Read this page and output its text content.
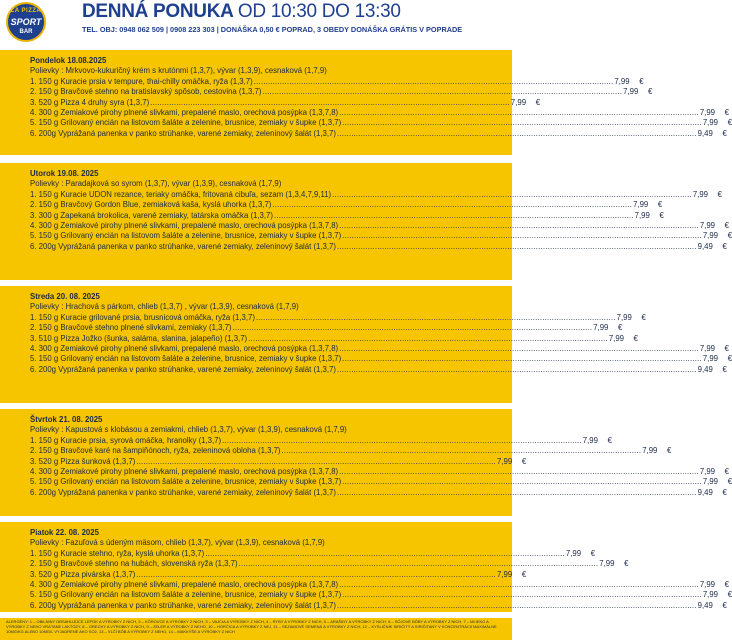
LA PIZZA
SPORT
BAR
DENNÁ PONUKA OD 10:30 DO 13:30
TEL. OBJ: 0948 062 509 | 0908 223 303 | DONÁŠKA 0,50 € POPRAD, 3 OBEDY DONÁŠKA GRÁTIS V POPRADE
Pondelok 18.08.2025
Polievky : Mrkvovo-kukuričný krém s krutónmi (1,3,7), vývar (1,3,9), cesnaková (1,7,9)
1. 150 g Kuracie prsia v tempure, thai-chilly omáčka, ryža (1,3,7) .....	7,99	€
2. 150 g Bravčové stehno na bratislavský spôsob, cestovina (1,3,7) .....	7,99	€
3. 520 g Pizza 4 druhy syra (1,3,7) .....	7,99	€
4. 300 g Zemiakové pirohy plnené slivkami, prepalené maslo, orechová posýpka (1,3,7,8) .....	7,99	€
5. 150 g Grilovaný encián na listovom šaláte a zelenine, brusnice, zemiaky v šupke (1,3,7) .....	7,99	€
6. 200g Vyprážaná panenka v panko strúhanke, varené zemiaky, zeleninový šalát (1,3,7) .....	9,49	€
Utorok 19.08. 2025
Polievky : Paradajková so syrom (1,3,7), vývar (1,3,9), cesnaková (1,7,9)
1. 150 g Kuracie UDON rezance, teriaky omáčka, fritovaná cibuľa, sezam (1,3,4,7,9,11) .....	7,99	€
2. 150 g Bravčový Gordon Blue, zemiaková kaša, kyslá uhorka (1,3,7) .....	7,99	€
3. 300 g Zapekaná brokolica, varené zemiaky, tatárska omáčka (1,3,7) .....	7,99	€
4. 300 g Zemiakové pirohy plnené slivkami, prepalené maslo, orechová posýpka (1,3,7,8) .....	7,99	€
5. 150 g Grilovaný encián na listovom šaláte a zelenine, brusnice, zemiaky v šupke (1,3,7) .....	7,99	€
6. 200g Vyprážaná panenka v panko strúhanke, varené zemiaky, zeleninový šalát (1,3,7) .....	9,49	€
Streda 20. 08. 2025
Polievky : Hrachová s párkom, chlieb (1,3,7) , vývar (1,3,9), cesnaková (1,7,9)
1. 150 g Kuracie grilované prsia, brusnicová omáčka, ryža (1,3,7) .....	7,99	€
2. 150 g Bravčové stehno plnené slivkami, zemiaky (1,3,7) .....	7,99	€
3. 510 g Pizza Jožko (šunka, saláma, slanina, jalapeño) (1,3,7) .....	7,99	€
4. 300 g Zemiakové pirohy plnené slivkami, prepalené maslo, orechová posýpka (1,3,7,8) .....	7,99	€
5. 150 g Grilovaný encián na listovom šaláte a zelenine, brusnice, zemiaky v šupke (1,3,7) .....	7,99	€
6. 200g Vyprážaná panenka v panko strúhanke, varené zemiaky, zeleninový šalát (1,3,7) .....	9,49	€
Štvrtok 21. 08. 2025
Polievky : Kapustová s klobásou a zemiakmi, chlieb (1,3,7), vývar (1,3,9), cesnaková (1,7,9)
1. 150 g Kuracie prsia, syrová omáčka, hranolky (1,3,7) .....	7,99	€
2. 150 g Bravčové karé na šampiňónoch, ryža, zeleninová obloha (1,3,7) .....	7,99	€
3. 520 g Pizza šunková (1,3,7) .....	7,99	€
4. 300 g Zemiakové pirohy plnené slivkami, prepalené maslo, orechová posýpka (1,3,7,8) .....	7,99	€
5. 150 g Grilovaný encián na listovom šaláte a zelenine, brusnice, zemiaky v šupke (1,3,7) .....	7,99	€
6. 200g Vyprážaná panenka v panko strúhanke, varené zemiaky, zeleninový šalát (1,3,7) .....	9,49	€
Piatok 22. 08. 2025
Polievky : Fazuľová s údeným mäsom, chlieb (1,3,7), vývar (1,3,9), cesnaková (1,7,9)
1. 150 g Kuracie stehno, ryža, kyslá uhorka (1,3,7) .....	7,99	€
2. 150 g Bravčové stehno na hubách, slovenská ryža (1,3,7) .....	7,99	€
3. 520 g Pizza pivárska (1,3,7) .....	7,99	€
4. 300 g Zemiakové pirohy plnené slivkami, prepalené maslo, orechová posýpka (1,3,7,8) .....	7,99	€
5. 150 g Grilovaný encián na listovom šaláte a zelenine, brusnice, zemiaky v šupke (1,3,7) .....	7,99	€
6. 200g Vyprážaná panenka v panko strúhanke, varené zemiaky, zeleninový šalát (1,3,7) .....	9,49	€
ALERGÉNY: 1 – OBILNINY OBSAHUJÚCE LEPOK A VÝROBKY Z NICH, 2 – KÔROVCE A VÝROBKY Z NICH, 3 – VAJCIA A VÝROBKY Z NICH, 4 – RYBY A VÝROBKY Z NICH, 5 – ARAŠIDY A VÝROBKY Z NICH, 6 – SÓJOVÉ BÔBY A VÝROBKY Z NICH, 7 – MLIEKO A VÝROBKY Z NEHO VRÁTANE LAKTÓZY, 8 – ORECHY A VÝROBKY Z NICH, 9 – ZELER A VÝROBKY Z NEHO, 10 – HORČICA A VÝROBKY Z NEJ, 11 – SEZAMOVÉ SEMENÁ A VÝROBKY Z NICH, 12 – KYSLIČNÍK SIRIČITÝ A SIRIČITANY V KONCENTRÁCII MAXIMÁLNE 10MG/KG ALEBO 10MG/L VYJADRENÉ AKO SO2, 13 – VLČÍ BÔB A VÝROBKY Z NEHO, 14 – MÄKKÝŠE A VÝROBKY Z NICH
